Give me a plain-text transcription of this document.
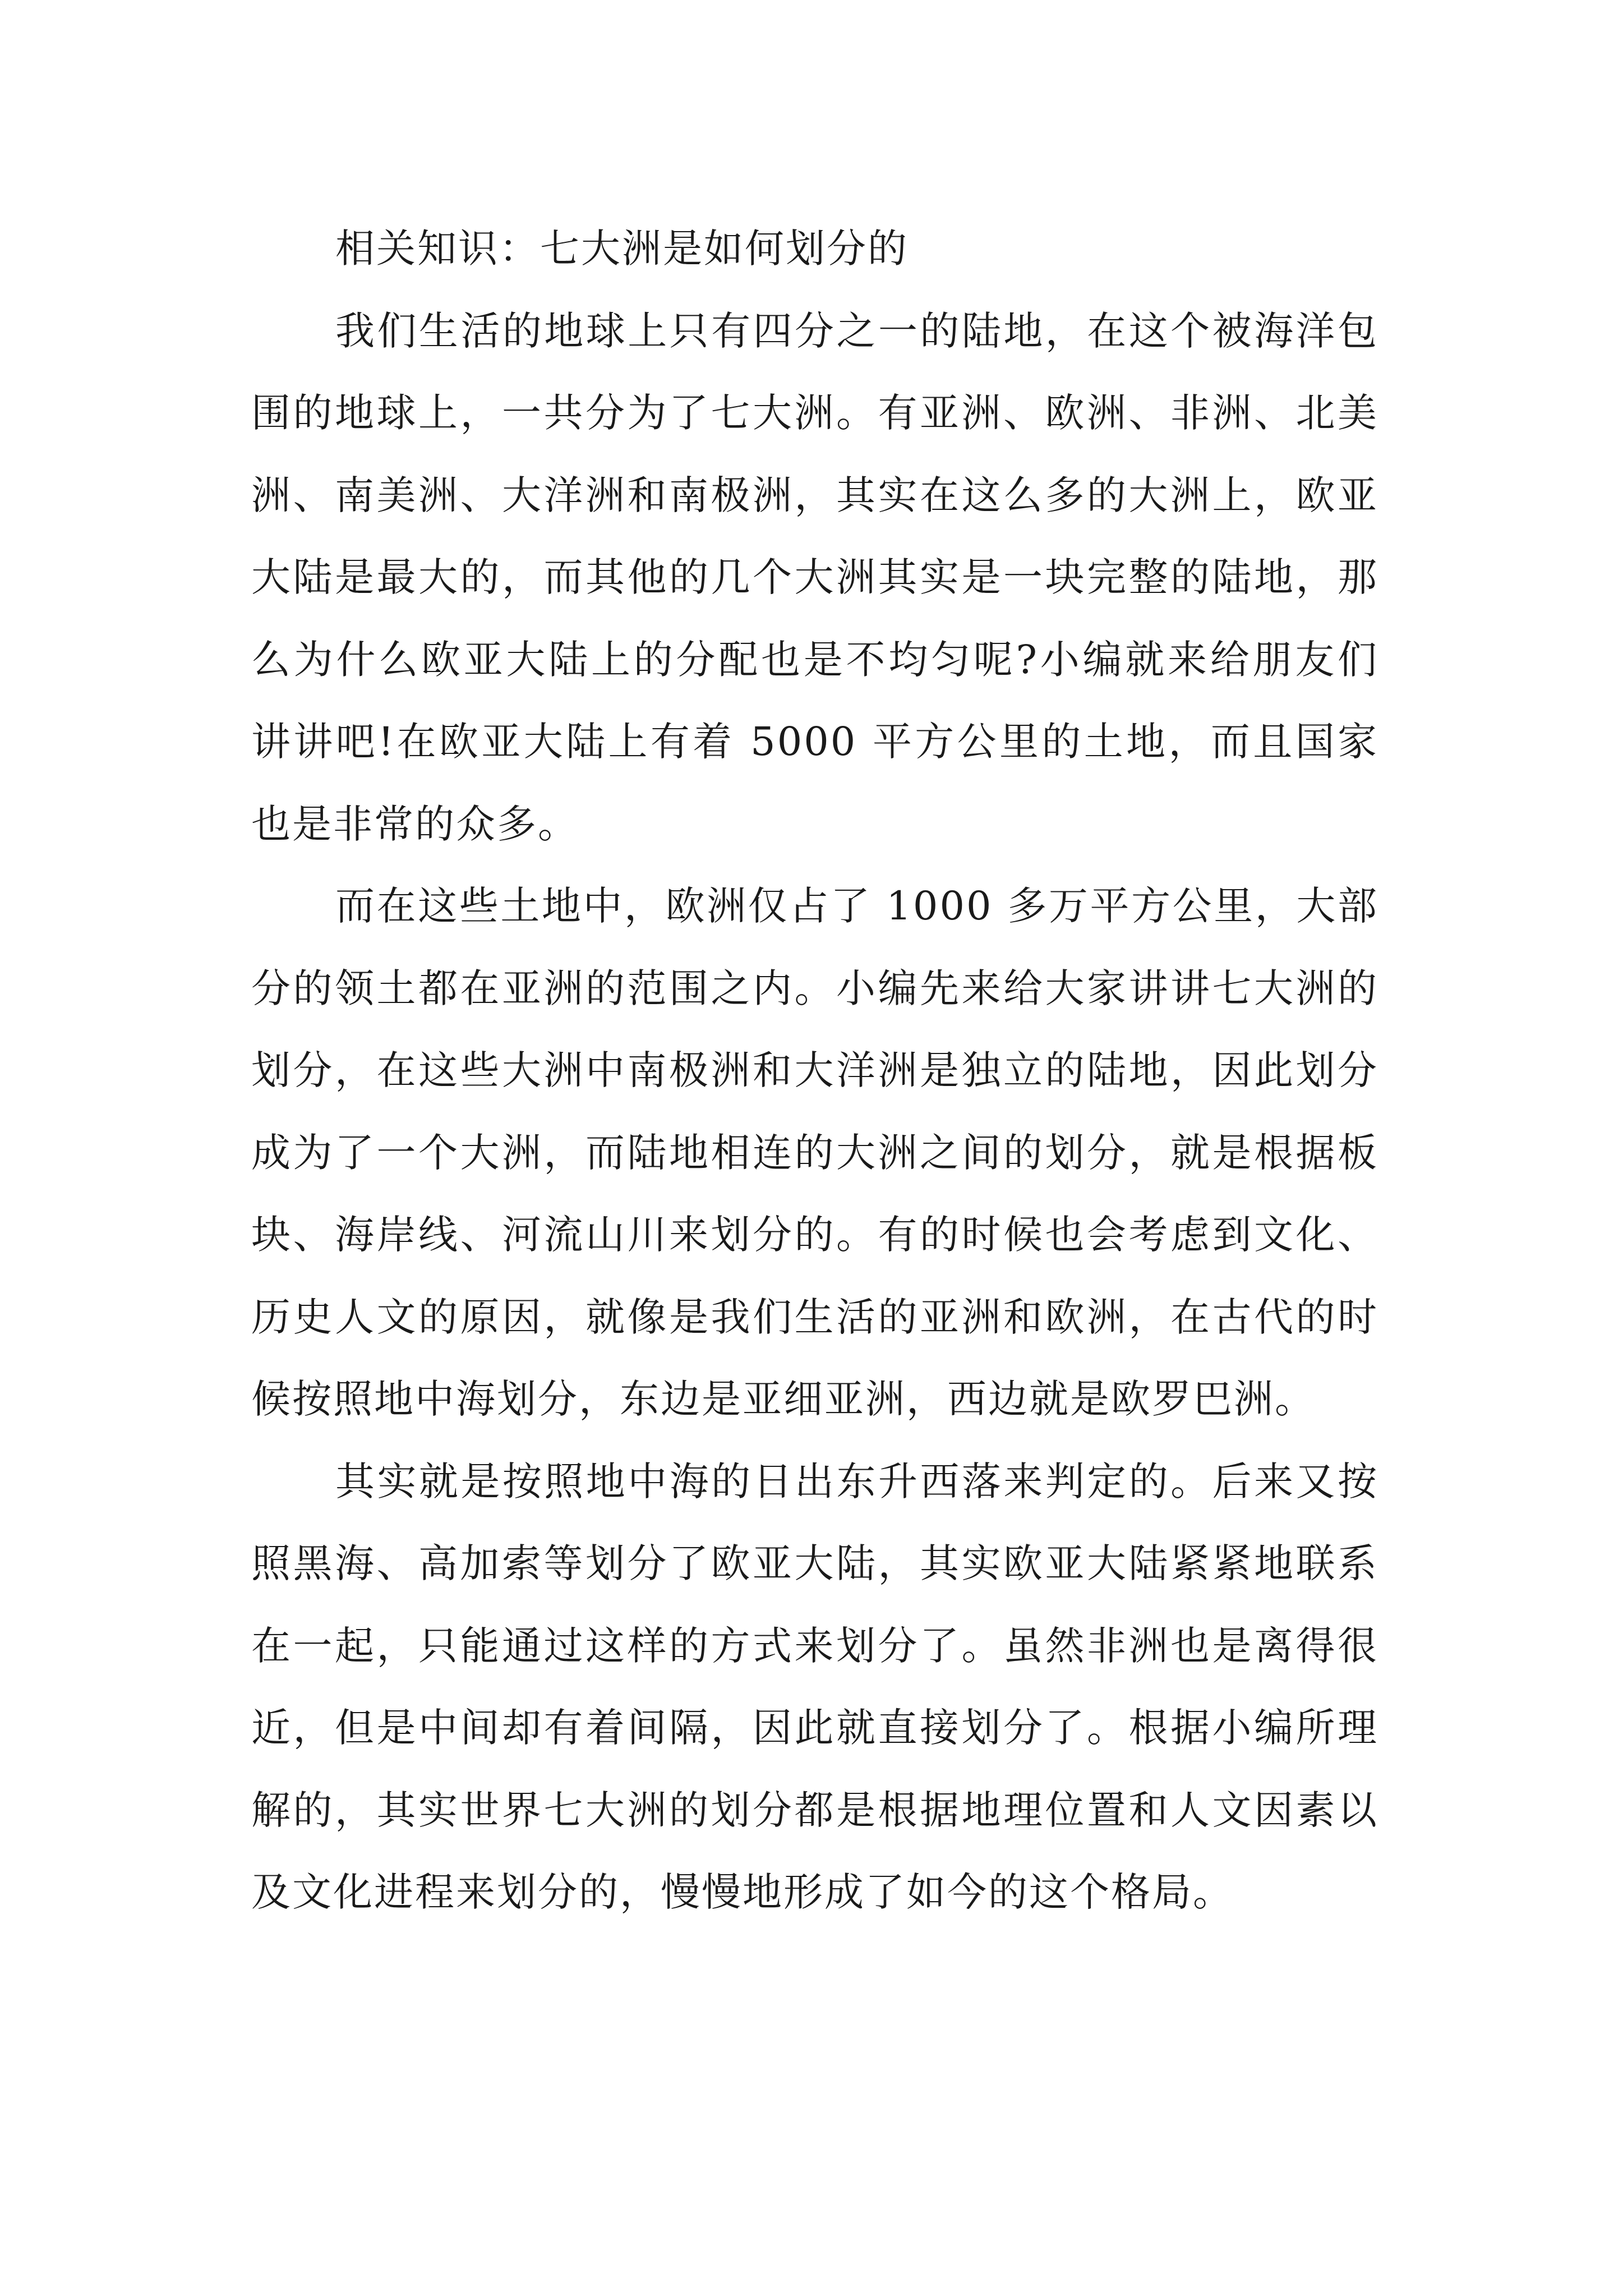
相关知识：七大洲是如何划分的

我们生活的地球上只有四分之一的陆地，在这个被海洋包围的地球上，一共分为了七大洲。有亚洲、欧洲、非洲、北美洲、南美洲、大洋洲和南极洲，其实在这么多的大洲上，欧亚大陆是最大的，而其他的几个大洲其实是一块完整的陆地，那么为什么欧亚大陆上的分配也是不均匀呢?小编就来给朋友们讲讲吧!在欧亚大陆上有着 5000 平方公里的土地，而且国家也是非常的众多。

而在这些土地中，欧洲仅占了 1000 多万平方公里，大部分的领土都在亚洲的范围之内。小编先来给大家讲讲七大洲的划分，在这些大洲中南极洲和大洋洲是独立的陆地，因此划分成为了一个大洲，而陆地相连的大洲之间的划分，就是根据板块、海岸线、河流山川来划分的。有的时候也会考虑到文化、历史人文的原因，就像是我们生活的亚洲和欧洲，在古代的时候按照地中海划分，东边是亚细亚洲，西边就是欧罗巴洲。

其实就是按照地中海的日出东升西落来判定的。后来又按照黑海、高加索等划分了欧亚大陆，其实欧亚大陆紧紧地联系在一起，只能通过这样的方式来划分了。虽然非洲也是离得很近，但是中间却有着间隔，因此就直接划分了。根据小编所理解的，其实世界七大洲的划分都是根据地理位置和人文因素以及文化进程来划分的，慢慢地形成了如今的这个格局。
